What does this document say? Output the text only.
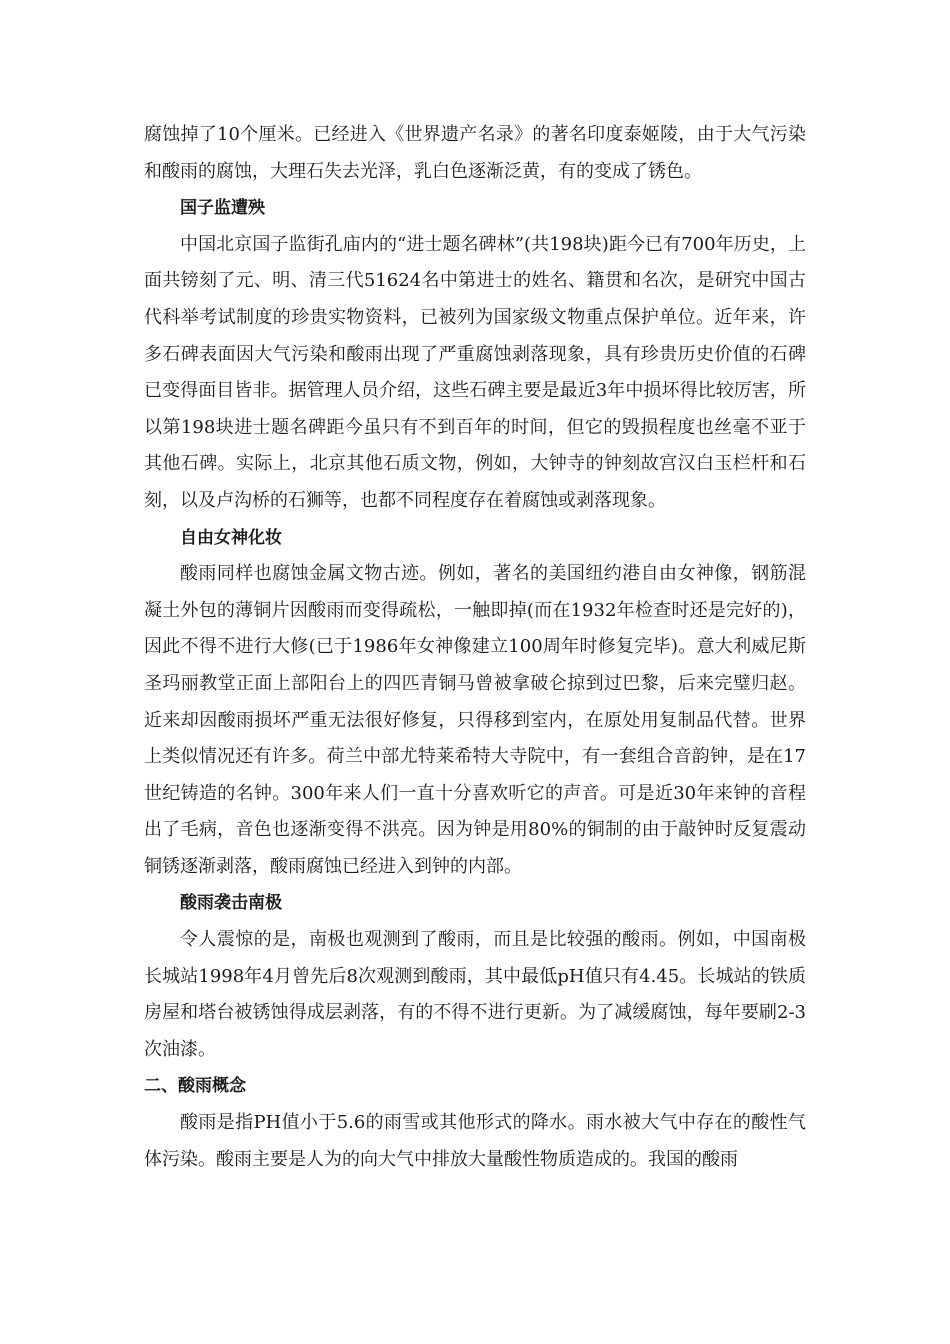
腐蚀掉了10个厘米。已经进入《世界遗产名录》的著名印度泰姬陵，由于大气污染和酸雨的腐蚀，大理石失去光泽，乳白色逐渐泛黄，有的变成了锈色。

国子监遭殃

中国北京国子监街孔庙内的“进士题名碑林”(共198块)距今已有700年历史，上面共镑刻了元、明、清三代51624名中第进士的姓名、籍贯和名次，是研究中国古代科举考试制度的珍贵实物资料，已被列为国家级文物重点保护单位。近年来，许多石碑表面因大气污染和酸雨出现了严重腐蚀剥落现象，具有珍贵历史价值的石碑已变得面目皆非。据管理人员介绍，这些石碑主要是最近3年中损坏得比较厉害，所以第198块进士题名碑距今虽只有不到百年的时间，但它的毁损程度也丝毫不亚于其他石碑。实际上，北京其他石质文物，例如，大钟寺的钟刻故宫汉白玉栏杆和石刻，以及卢沟桥的石狮等，也都不同程度存在着腐蚀或剥落现象。

自由女神化妆

酸雨同样也腐蚀金属文物古迹。例如，著名的美国纽约港自由女神像，钢筋混凝土外包的薄铜片因酸雨而变得疏松，一触即掉(而在1932年检查时还是完好的)，因此不得不进行大修(已于1986年女神像建立100周年时修复完毕)。意大利威尼斯圣玛丽教堂正面上部阳台上的四匹青铜马曾被拿破仑掠到过巴黎，后来完璧归赵。近来却因酸雨损坏严重无法很好修复，只得移到室内，在原处用复制品代替。世界上类似情况还有许多。荷兰中部尤特莱希特大寺院中，有一套组合音韵钟，是在17世纪铸造的名钟。300年来人们一直十分喜欢听它的声音。可是近30年来钟的音程出了毛病，音色也逐渐变得不洪亮。因为钟是用80%的铜制的由于敲钟时反复震动铜锈逐渐剥落，酸雨腐蚀已经进入到钟的内部。

酸雨袭击南极

令人震惊的是，南极也观测到了酸雨，而且是比较强的酸雨。例如，中国南极长城站1998年4月曾先后8次观测到酸雨，其中最低pH值只有4.45。长城站的铁质房屋和塔台被锈蚀得成层剥落，有的不得不进行更新。为了减缓腐蚀，每年要刷2-3次油漆。

二、酸雨概念

酸雨是指PH值小于5.6的雨雪或其他形式的降水。雨水被大气中存在的酸性气体污染。酸雨主要是人为的向大气中排放大量酸性物质造成的。我国的酸雨
